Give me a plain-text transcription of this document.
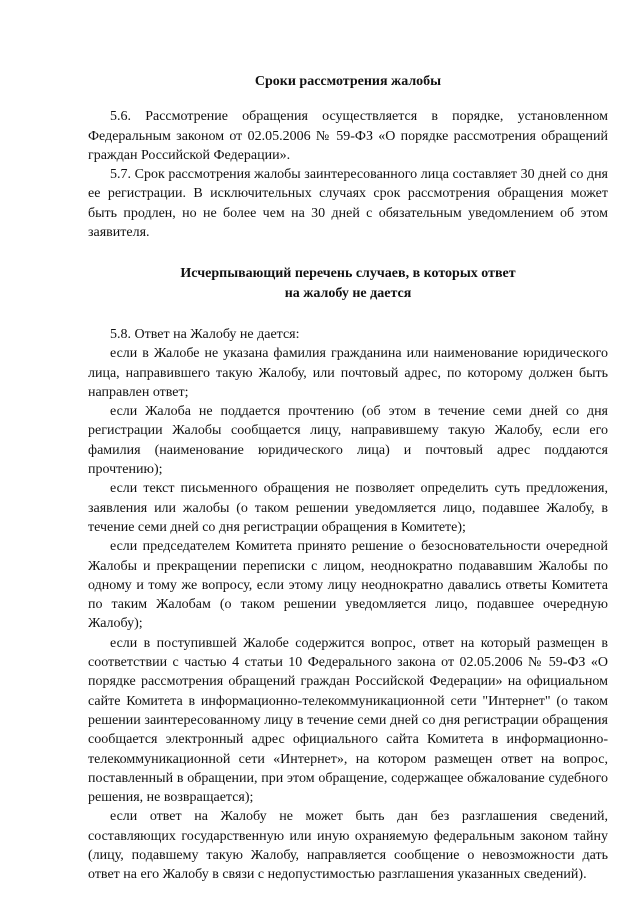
Сроки рассмотрения жалобы

5.6. Рассмотрение обращения осуществляется в порядке, установленном Федеральным законом от 02.05.2006 № 59-ФЗ «О порядке рассмотрения обращений граждан Российской Федерации».

5.7. Срок рассмотрения жалобы заинтересованного лица составляет 30 дней со дня ее регистрации. В исключительных случаях срок рассмотрения обращения может быть продлен, но не более чем на 30 дней с обязательным уведомлением об этом заявителя.

Исчерпывающий перечень случаев, в которых ответ
на жалобу не дается

5.8. Ответ на Жалобу не дается:

если в Жалобе не указана фамилия гражданина или наименование юридического лица, направившего такую Жалобу, или почтовый адрес, по которому должен быть направлен ответ;

если Жалоба не поддается прочтению (об этом в течение семи дней со дня регистрации Жалобы сообщается лицу, направившему такую Жалобу, если его фамилия (наименование юридического лица) и почтовый адрес поддаются прочтению);

если текст письменного обращения не позволяет определить суть предложения, заявления или жалобы (о таком решении уведомляется лицо, подавшее Жалобу, в течение семи дней со дня регистрации обращения в Комитете);

если председателем Комитета принято решение о безосновательности очередной Жалобы и прекращении переписки с лицом, неоднократно подававшим Жалобы по одному и тому же вопросу, если этому лицу неоднократно давались ответы Комитета по таким Жалобам (о таком решении уведомляется лицо, подавшее очередную Жалобу);

если в поступившей Жалобе содержится вопрос, ответ на который размещен в соответствии с частью 4 статьи 10 Федерального закона от 02.05.2006 № 59-ФЗ «О порядке рассмотрения обращений граждан Российской Федерации» на официальном сайте Комитета в информационно-телекоммуникационной сети "Интернет" (о таком решении заинтересованному лицу в течение семи дней со дня регистрации обращения сообщается электронный адрес официального сайта Комитета в информационно-телекоммуникационной сети «Интернет», на котором размещен ответ на вопрос, поставленный в обращении, при этом обращение, содержащее обжалование судебного решения, не возвращается);

если ответ на Жалобу не может быть дан без разглашения сведений, составляющих государственную или иную охраняемую федеральным законом тайну (лицу, подавшему такую Жалобу, направляется сообщение о невозможности дать ответ на его Жалобу в связи с недопустимостью разглашения указанных сведений).
